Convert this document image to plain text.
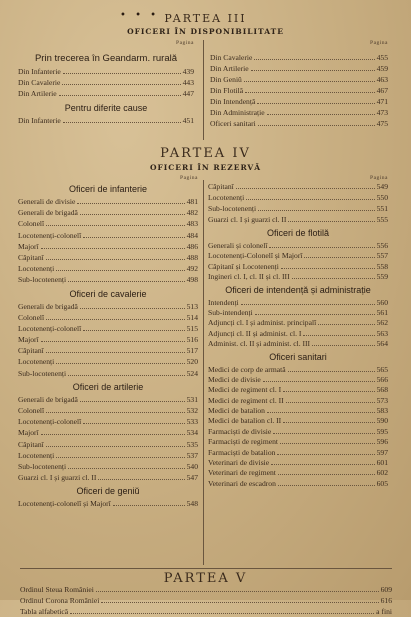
• • • PARTEA III
OFICERI ÎN DISPONIBILITATE
Pagina
Prin trecerea în Geandarm. rurală
Din Infanterie	439
Din Cavalerie	443
Din Artilerie	447
Pentru diferite cause
Din Infanterie	451
Pagina
Din Cavalerie	455
Din Artilerie	459
Din Geniŭ	463
Din Flotilă	467
Din Intendență	471
Din Administrație	473
Oficeri sanitari	475
PARTEA IV
OFICERI ÎN REZERVĂ
Pagina
Oficeri de infanterie
Generali de divisie	481
Generali de brigadă	482
Colonelĭ	483
Locotenenți-colonelĭ	484
Majorĭ	486
Căpitanĭ	488
Locotenenți	492
Sub-locotenenți	498
Oficeri de cavalerie
Generali de brigadă	513
Colonelĭ	514
Locotenenți-colonelĭ	515
Majorĭ	516
Căpitanĭ	517
Locotenenți	520
Sub-locotenenți	524
Oficeri de artilerie
Generali de brigadă	531
Colonelĭ	532
Locotenenți-colonelĭ	533
Majorĭ	534
Căpitanĭ	535
Locotenenți	537
Sub-locotenenți	540
Guarzi cl. I și guarzi cl. II	547
Oficeri de geniŭ
Locotenenți-colonelĭ și Majorĭ	548
Pagina
Căpitanĭ	549
Locotenenți	550
Sub-locotenenți	551
Guarzi cl. I și guarzi cl. II	555
Oficeri de flotilă
Generali și colonelĭ	556
Locotenenți-Colonelĭ și Majorĭ	557
Căpitanĭ și Locotenenți	558
Ingineri cl. I, cl. II și cl. III	559
Oficeri de intendență și administrație
Intendenți	560
Sub-intendenți	561
Adjuncți cl. I și administ. principalĭ	562
Adjuncți cl. II și administ. cl. I	563
Administ. cl. II și administ. cl. III	564
Oficeri sanitari
Medici de corp de armată	565
Medici de divisie	566
Medici de regiment cl. I	568
Medici de regiment cl. II	573
Medici de batalion	583
Medici de batalion cl. II	590
Farmaciști de divisie	595
Farmaciști de regiment	596
Farmaciști de batalion	597
Veterinari de divisie	601
Veterinari de regiment	602
Veterinari de escadron	605
PARTEA V
Ordinul Steua României	609
Ordinul Corona României	616
Tabla alfabetică	a fini
